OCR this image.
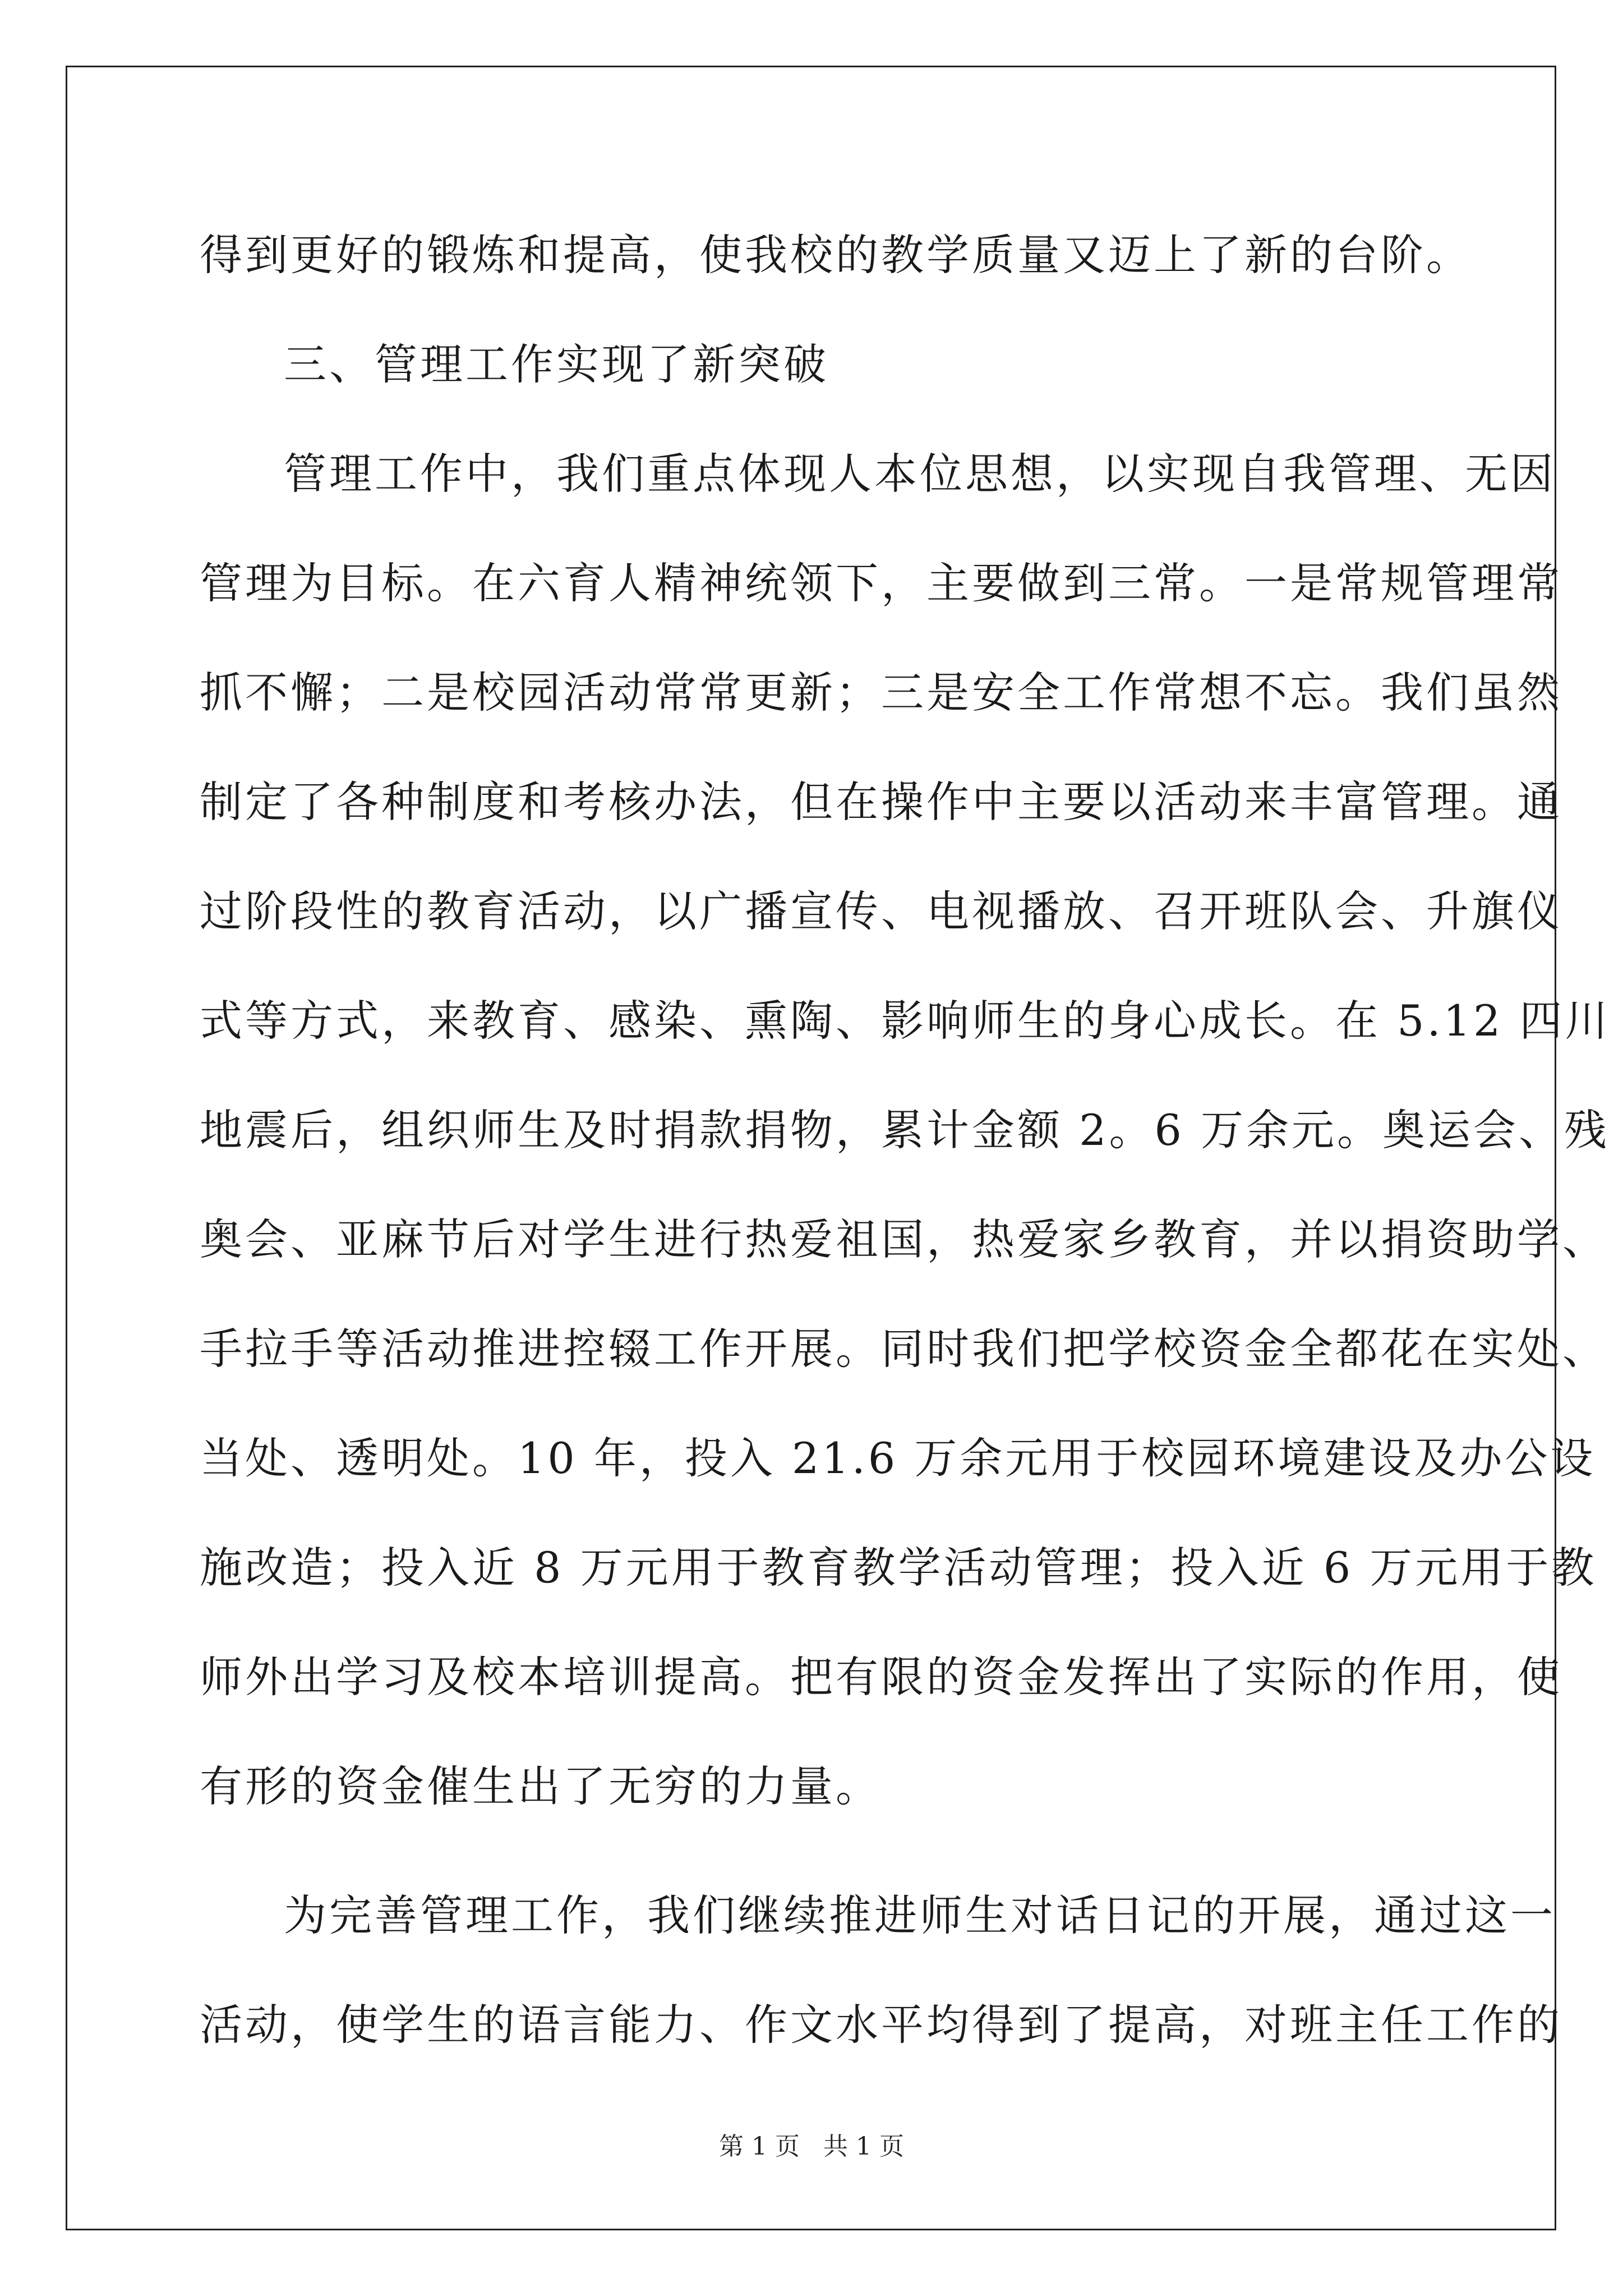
得到更好的锻炼和提高，使我校的教学质量又迈上了新的台阶。
三、管理工作实现了新突破
管理工作中，我们重点体现人本位思想，以实现自我管理、无因
管理为目标。在六育人精神统领下，主要做到三常。一是常规管理常
抓不懈；二是校园活动常常更新；三是安全工作常想不忘。我们虽然
制定了各种制度和考核办法，但在操作中主要以活动来丰富管理。通
过阶段性的教育活动，以广播宣传、电视播放、召开班队会、升旗仪
式等方式，来教育、感染、熏陶、影响师生的身心成长。在 5.12 四川
地震后，组织师生及时捐款捐物，累计金额 2。6 万余元。奥运会、残
奥会、亚麻节后对学生进行热爱祖国，热爱家乡教育，并以捐资助学、
手拉手等活动推进控辍工作开展。同时我们把学校资金全都花在实处、
当处、透明处。10 年，投入 21.6 万余元用于校园环境建设及办公设
施改造；投入近 8 万元用于教育教学活动管理；投入近 6 万元用于教
师外出学习及校本培训提高。把有限的资金发挥出了实际的作用，使
有形的资金催生出了无穷的力量。
为完善管理工作，我们继续推进师生对话日记的开展，通过这一
活动，使学生的语言能力、作文水平均得到了提高，对班主任工作的
第 1 页   共 1 页
